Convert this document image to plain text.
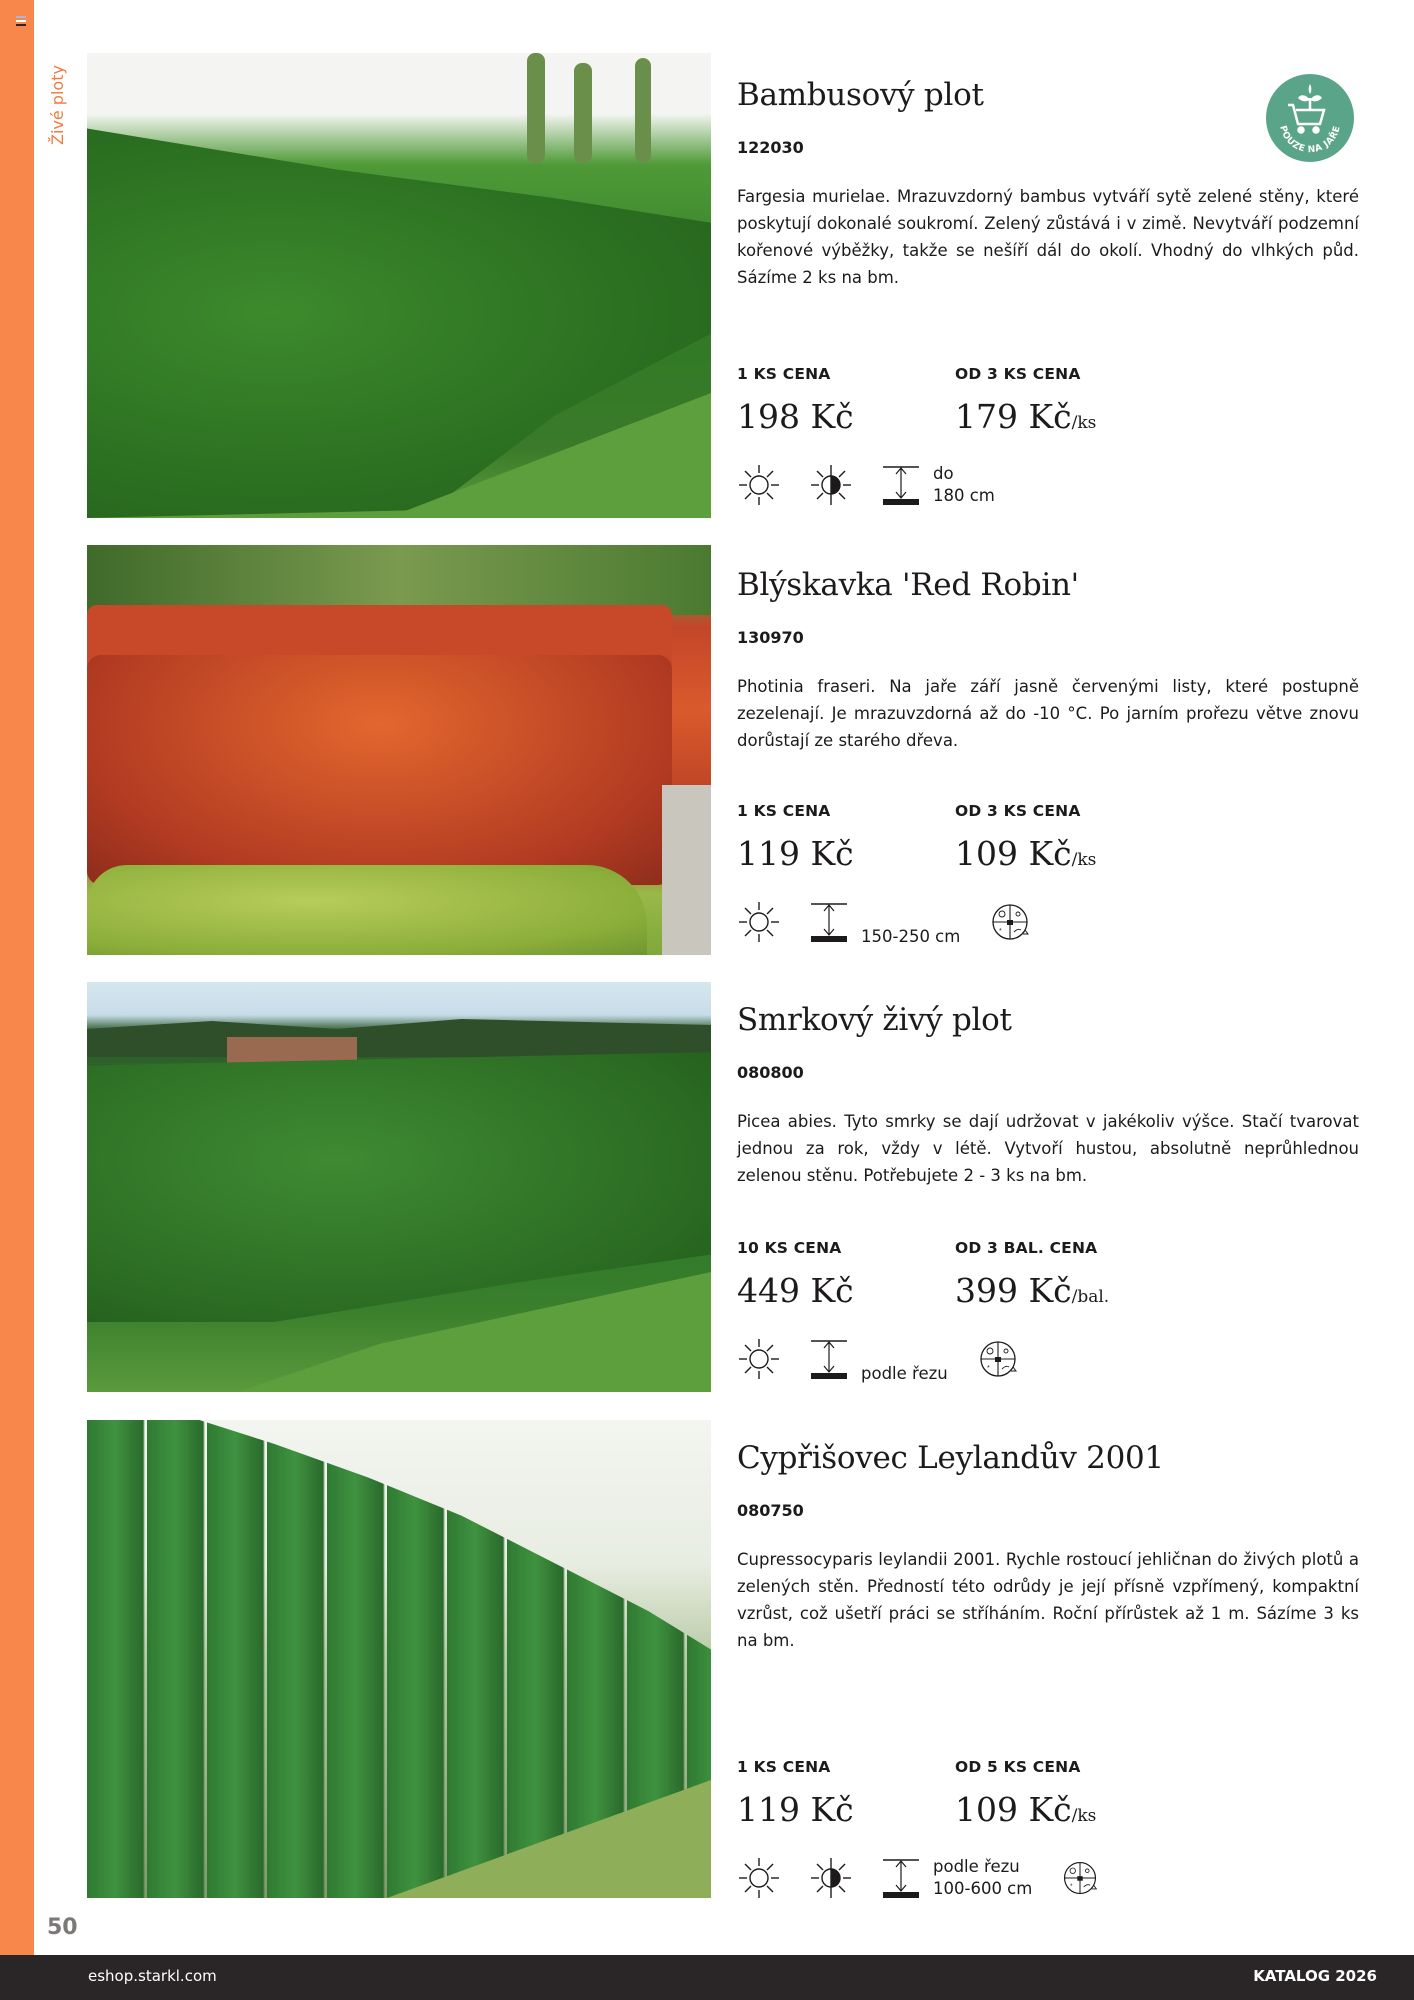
Živé ploty	POUZE NA JAŘE
Bambusový plot
122030
Fargesia murielae. Mrazuvzdorný bambus vytváří sytě zelené stěny, které poskytují dokonalé soukromí. Zelený zůstává i v zimě. Nevytváří podzemní kořenové výběžky, takže se nešíří dál do okolí. Vhodný do vlhkých půd. Sázíme 2 ks na bm.
1 KS CENA
198 Kč
OD 3 KS CENA
179 Kč/ks
do
180 cm
Blýskavka 'Red Robin'
130970
Photinia fraseri. Na jaře září jasně červenými listy, které postupně zezelenají. Je mrazuvzdorná až do -10 °C. Po jarním prořezu větve znovu dorůstají ze starého dřeva.
1 KS CENA
119 Kč
OD 3 KS CENA
109 Kč/ks
150-250 cm
Smrkový živý plot
080800
Picea abies. Tyto smrky se dají udržovat v jakékoliv výšce. Stačí tvarovat jednou za rok, vždy v létě. Vytvoří hustou, absolutně neprůhlednou zelenou stěnu. Potřebujete 2 - 3 ks na bm.
10 KS CENA
449 Kč
OD 3 BAL. CENA
399 Kč/bal.
podle řezu
Cypřišovec Leylandův 2001
080750
Cupressocyparis leylandii 2001. Rychle rostoucí jehličnan do živých plotů a zelených stěn. Předností této odrůdy je její přísně vzpřímený, kompaktní vzrůst, což ušetří práci se stříháním. Roční přírůstek až 1 m. Sázíme 3 ks na bm.
1 KS CENA
119 Kč
OD 5 KS CENA
109 Kč/ks
podle řezu
100-600 cm
50
eshop.starkl.com	KATALOG 2026
